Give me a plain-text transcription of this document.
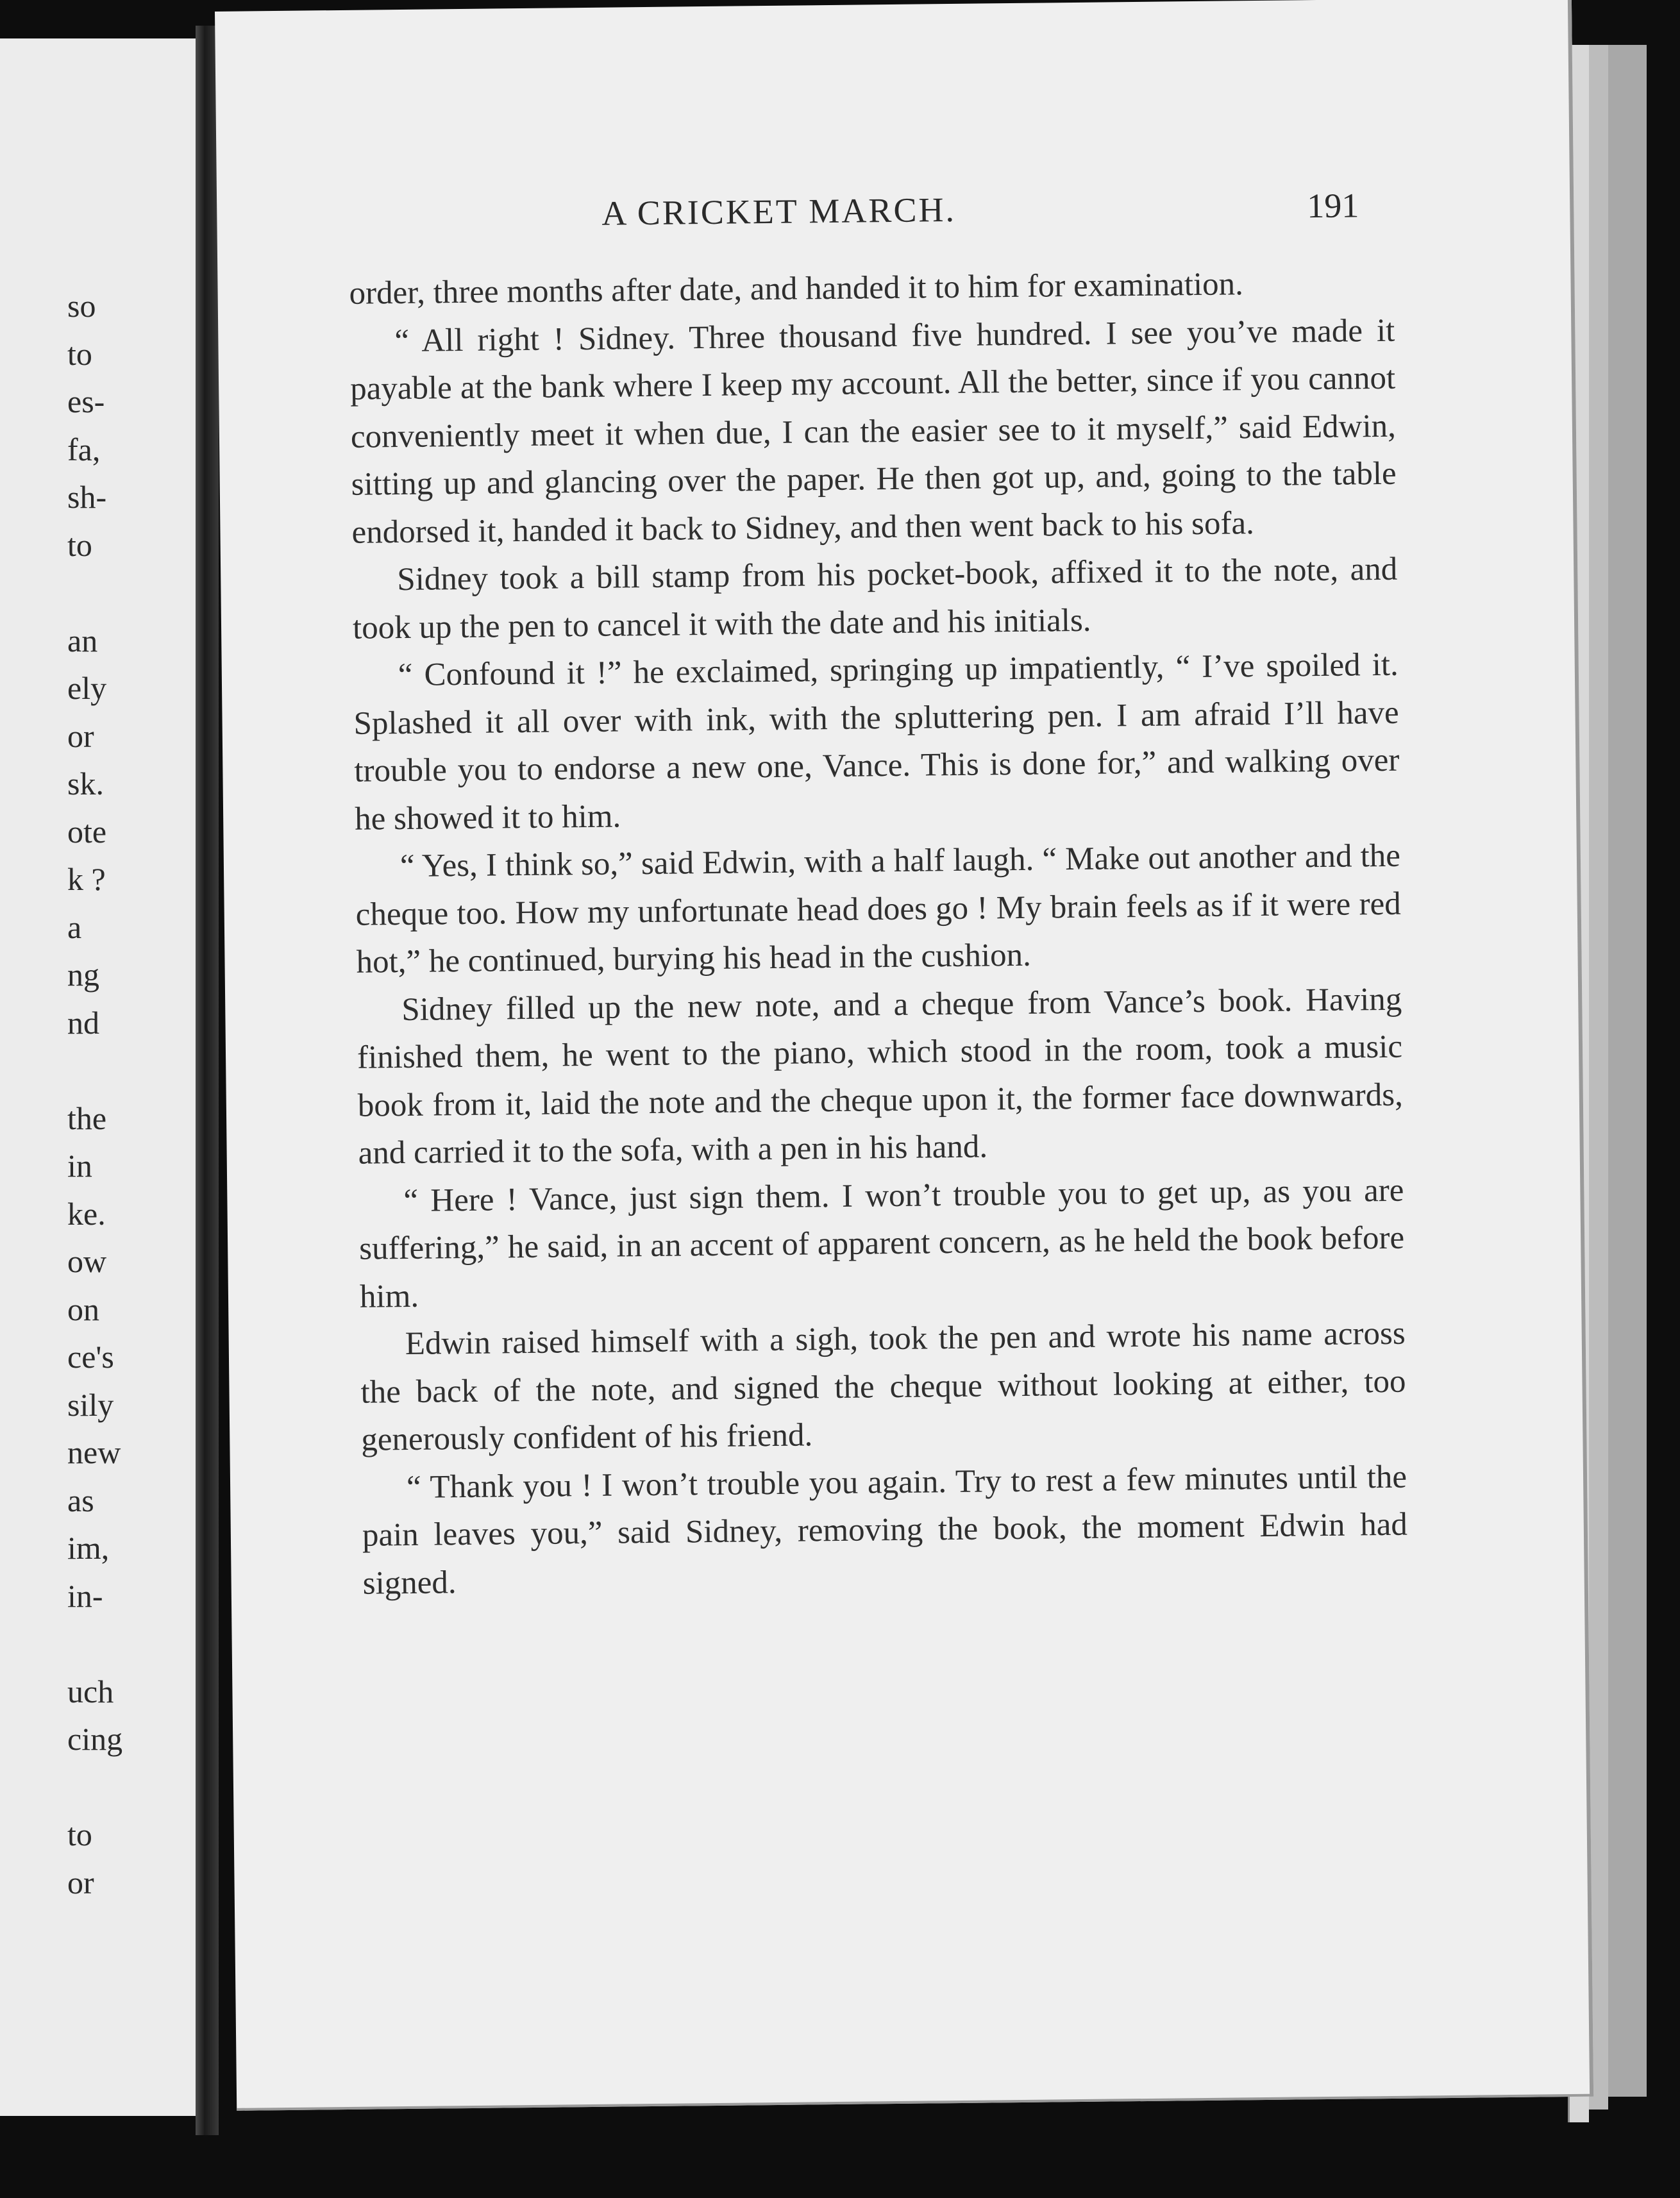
so
to
es-
fa,
sh-
to
an
ely
or
sk.
ote
k ?
a
ng
nd
the
in
ke.
ow
on
ce's
sily
new
as
im,
in-
uch
cing
to
or
A CRICKET MARCH.	191

order, three months after date, and handed it to him for examination.

“ All right ! Sidney. Three thousand five hundred. I see you’ve made it payable at the bank where I keep my account. All the better, since if you cannot conveniently meet it when due, I can the easier see to it myself,” said Edwin, sitting up and glancing over the paper. He then got up, and, going to the table endorsed it, handed it back to Sidney, and then went back to his sofa.

Sidney took a bill stamp from his pocket-book, affixed it to the note, and took up the pen to cancel it with the date and his initials.

“ Confound it !” he exclaimed, springing up impatiently, “ I’ve spoiled it. Splashed it all over with ink, with the spluttering pen. I am afraid I’ll have trouble you to endorse a new one, Vance. This is done for,” and walking over he showed it to him.

“ Yes, I think so,” said Edwin, with a half laugh. “ Make out another and the cheque too. How my unfortunate head does go ! My brain feels as if it were red hot,” he continued, burying his head in the cushion.

Sidney filled up the new note, and a cheque from Vance’s book. Having finished them, he went to the piano, which stood in the room, took a music book from it, laid the note and the cheque upon it, the former face downwards, and carried it to the sofa, with a pen in his hand.

“ Here ! Vance, just sign them. I won’t trouble you to get up, as you are suffering,” he said, in an accent of apparent concern, as he held the book before him.

Edwin raised himself with a sigh, took the pen and wrote his name across the back of the note, and signed the cheque without looking at either, too generously confident of his friend.

“ Thank you ! I won’t trouble you again. Try to rest a few minutes until the pain leaves you,” said Sidney, removing the book, the moment Edwin had signed.
